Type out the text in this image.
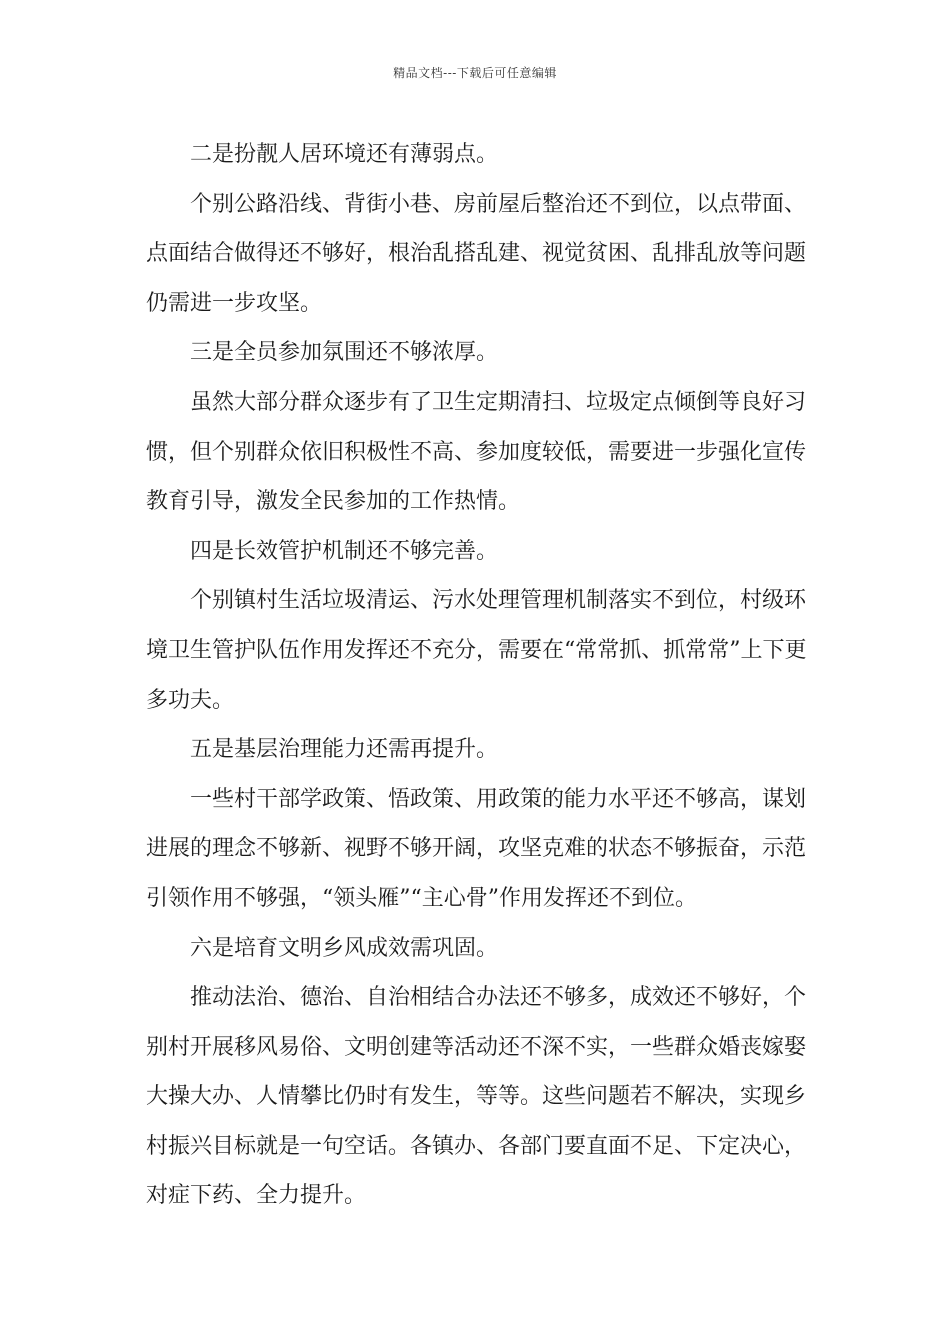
精品文档---下载后可任意编辑

二是扮靓人居环境还有薄弱点。

个别公路沿线、背街小巷、房前屋后整治还不到位，以点带面、点面结合做得还不够好，根治乱搭乱建、视觉贫困、乱排乱放等问题仍需进一步攻坚。

三是全员参加氛围还不够浓厚。

虽然大部分群众逐步有了卫生定期清扫、垃圾定点倾倒等良好习惯，但个别群众依旧积极性不高、参加度较低，需要进一步强化宣传教育引导，激发全民参加的工作热情。

四是长效管护机制还不够完善。

个别镇村生活垃圾清运、污水处理管理机制落实不到位，村级环境卫生管护队伍作用发挥还不充分，需要在“常常抓、抓常常”上下更多功夫。

五是基层治理能力还需再提升。

一些村干部学政策、悟政策、用政策的能力水平还不够高，谋划进展的理念不够新、视野不够开阔，攻坚克难的状态不够振奋，示范引领作用不够强，“领头雁”“主心骨”作用发挥还不到位。

六是培育文明乡风成效需巩固。

推动法治、德治、自治相结合办法还不够多，成效还不够好，个别村开展移风易俗、文明创建等活动还不深不实，一些群众婚丧嫁娶大操大办、人情攀比仍时有发生，等等。这些问题若不解决，实现乡村振兴目标就是一句空话。各镇办、各部门要直面不足、下定决心，对症下药、全力提升。
